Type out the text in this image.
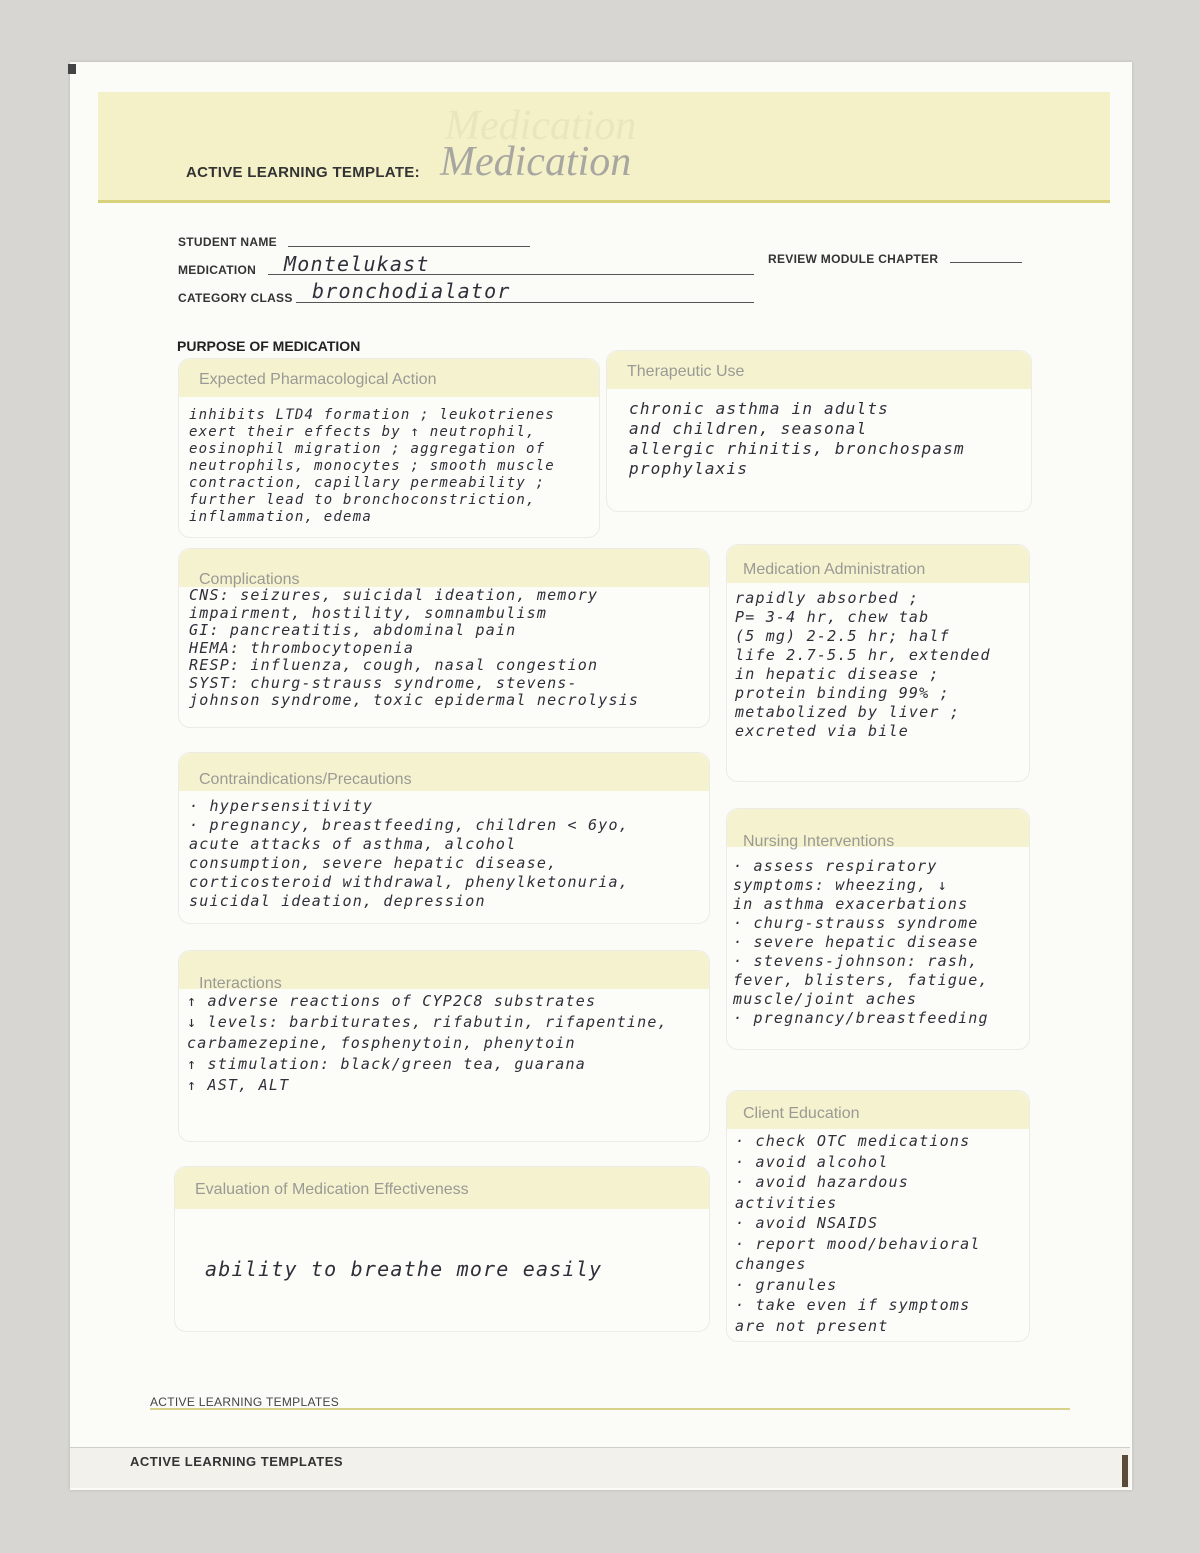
Medication
ACTIVE LEARNING TEMPLATE: Medication
STUDENT NAME
MEDICATION Montelukast	REVIEW MODULE CHAPTER
CATEGORY CLASS bronchodialator
PURPOSE OF MEDICATION
Expected Pharmacological Action
inhibits LTD4 formation ; leukotrienes
exert their effects by ↑ neutrophil,
eosinophil migration ; aggregation of
neutrophils, monocytes ; smooth muscle
contraction, capillary permeability ;
further lead to bronchoconstriction,
inflammation, edema
Therapeutic Use
chronic asthma in adults
and children, seasonal
allergic rhinitis, bronchospasm
prophylaxis
Complications
CNS: seizures, suicidal ideation, memory
impairment, hostility, somnambulism
GI: pancreatitis, abdominal pain
HEMA: thrombocytopenia
RESP: influenza, cough, nasal congestion
SYST: churg-strauss syndrome, stevens-
johnson syndrome, toxic epidermal necrolysis
Medication Administration
rapidly absorbed ;
P= 3-4 hr, chew tab
(5 mg) 2-2.5 hr; half
life 2.7-5.5 hr, extended
in hepatic disease ;
protein binding 99% ;
metabolized by liver ;
excreted via bile
Contraindications/Precautions
· hypersensitivity
· pregnancy, breastfeeding, children < 6yo,
acute attacks of asthma, alcohol
consumption, severe hepatic disease,
corticosteroid withdrawal, phenylketonuria,
suicidal ideation, depression
Nursing Interventions
· assess respiratory
symptoms: wheezing, ↓
in asthma exacerbations
· churg-strauss syndrome
· severe hepatic disease
· stevens-johnson: rash,
fever, blisters, fatigue,
muscle/joint aches
· pregnancy/breastfeeding
Interactions
↑ adverse reactions of CYP2C8 substrates
↓ levels: barbiturates, rifabutin, rifapentine,
carbamezepine, fosphenytoin, phenytoin
↑ stimulation: black/green tea, guarana
↑ AST, ALT
Client Education
· check OTC medications
· avoid alcohol
· avoid hazardous
activities
· avoid NSAIDS
· report mood/behavioral
changes
· granules
· take even if symptoms
are not present
Evaluation of Medication Effectiveness
ability to breathe more easily
ACTIVE LEARNING TEMPLATES
ACTIVE LEARNING TEMPLATES
